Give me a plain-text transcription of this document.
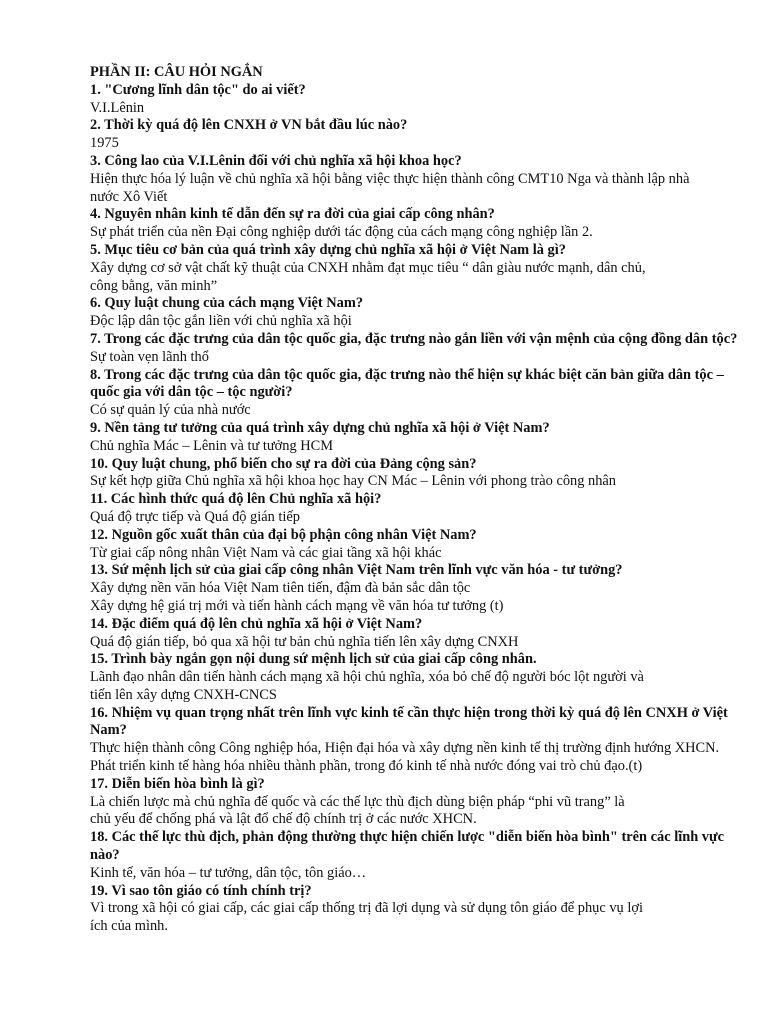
PHẦN II: CÂU HỎI NGẮN

1. "Cương lĩnh dân tộc" do ai viết?

V.I.Lênin

2. Thời kỳ quá độ lên CNXH ở VN bắt đầu lúc nào?

1975

3. Công lao của V.I.Lênin đối với chủ nghĩa xã hội khoa học?

Hiện thực hóa lý luận về chủ nghĩa xã hội bằng việc thực hiện thành công CMT10 Nga và thành lập nhà

nước Xô Viết

4. Nguyên nhân kinh tế dẫn đến sự ra đời của giai cấp công nhân?

Sự phát triển của nền Đại công nghiệp dưới tác động của cách mạng công nghiệp lần 2.

5. Mục tiêu cơ bản của quá trình xây dựng chủ nghĩa xã hội ở Việt Nam là gì?

Xây dựng cơ sở vật chất kỹ thuật của CNXH nhằm đạt mục tiêu “ dân giàu nước mạnh, dân chủ,

công bằng, văn minh”

6. Quy luật chung của cách mạng Việt Nam?

Độc lập dân tộc gắn liền với chủ nghĩa xã hội

7. Trong các đặc trưng của dân tộc quốc gia, đặc trưng nào gắn liền với vận mệnh của cộng đồng dân tộc?

Sự toàn vẹn lãnh thổ

8. Trong các đặc trưng của dân tộc quốc gia, đặc trưng nào thể hiện sự khác biệt căn bản giữa dân tộc – quốc gia với dân tộc – tộc người?

Có sự quản lý của nhà nước

9. Nền tảng tư tưởng của quá trình xây dựng chủ nghĩa xã hội ở Việt Nam?

Chủ nghĩa Mác – Lênin và tư tưởng HCM

10. Quy luật chung, phổ biến cho sự ra đời của Đảng cộng sản?

Sự kết hợp giữa Chủ nghĩa xã hội khoa học hay CN Mác – Lênin với phong trào công nhân

11. Các hình thức quá độ lên Chủ nghĩa xã hội?

Quá độ trực tiếp và Quá độ gián tiếp

12. Nguồn gốc xuất thân của đại bộ phận công nhân Việt Nam?

Từ giai cấp nông nhân Việt Nam và các giai tầng xã hội khác

13. Sứ mệnh lịch sử của giai cấp công nhân Việt Nam trên lĩnh vực văn hóa - tư tưởng?

Xây dựng nền văn hóa Việt Nam tiên tiến, đậm đà bản sắc dân tộc

Xây dựng hệ giá trị mới và tiến hành cách mạng về văn hóa tư tưởng (t)

14. Đặc điểm quá độ lên chủ nghĩa xã hội ở Việt Nam?

Quá độ gián tiếp, bỏ qua xã hội tư bản chủ nghĩa tiến lên xây dựng CNXH

15. Trình bày ngắn gọn nội dung sứ mệnh lịch sử của giai cấp công nhân.

Lãnh đạo nhân dân tiến hành cách mạng xã hội chủ nghĩa, xóa bỏ chế độ người bóc lột người và

tiến lên xây dựng CNXH-CNCS

16. Nhiệm vụ quan trọng nhất trên lĩnh vực kinh tế cần thực hiện trong thời kỳ quá độ lên CNXH ở Việt Nam?

Thực hiện thành công Công nghiệp hóa, Hiện đại hóa và xây dựng nền kinh tế thị trường định hướng XHCN.

Phát triển kinh tế hàng hóa nhiều thành phần, trong đó kinh tế nhà nước đóng vai trò chủ đạo.(t)

17. Diễn biến hòa bình là gì?

Là chiến lược mà chủ nghĩa đế quốc và các thế lực thù địch dùng biện pháp “phi vũ trang” là

chủ yếu để chống phá và lật đổ chế độ chính trị ở các nước XHCN.

18. Các thế lực thù địch, phản động thường thực hiện chiến lược "diễn biến hòa bình" trên các lĩnh vực nào?

Kinh tế, văn hóa – tư tưởng, dân tộc, tôn giáo…

19. Vì sao tôn giáo có tính chính trị?

Vì trong xã hội có giai cấp, các giai cấp thống trị đã lợi dụng và sử dụng tôn giáo để phục vụ lợi

ích của mình.
